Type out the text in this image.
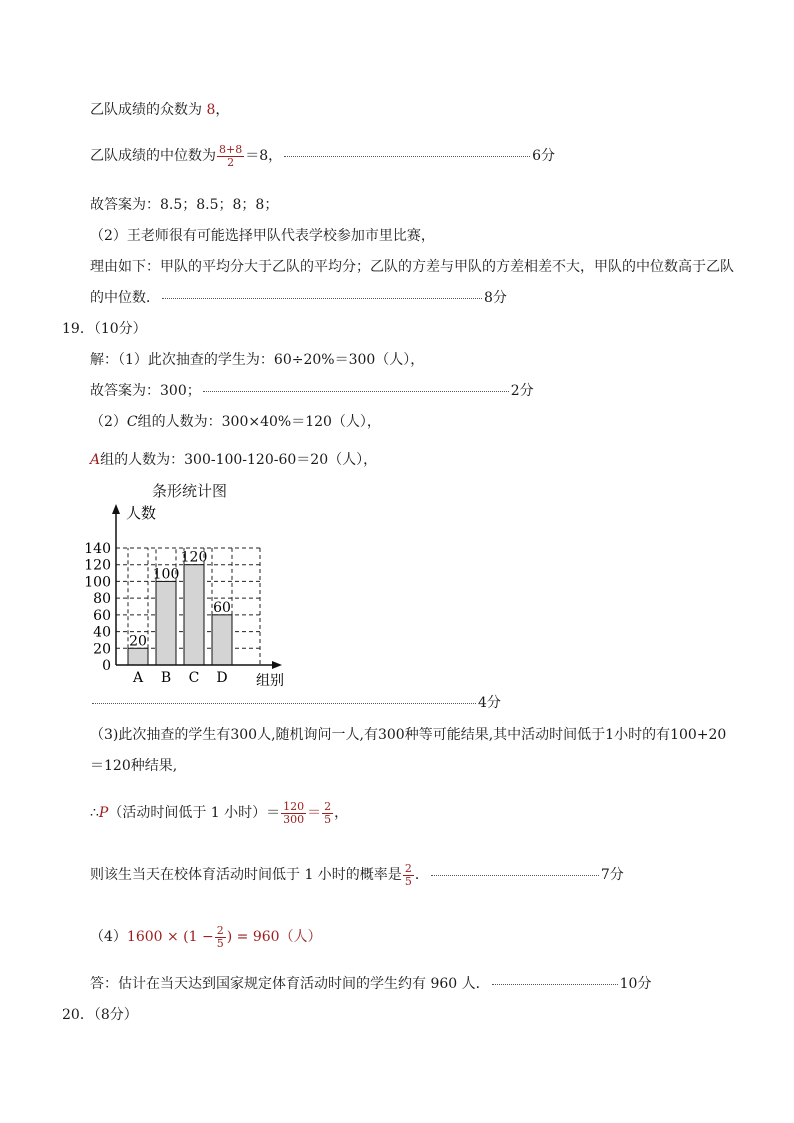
乙队成绩的众数为 8，
乙队成绩的中位数为 $\frac{8+8}{2} =8$，	6分
故答案为：8.5；8.5；8；8；
（2）王老师很有可能选择甲队代表学校参加市里比赛，
理由如下：甲队的平均分大于乙队的平均分；乙队的方差与甲队的方差相差不大，甲队的中位数高于乙队
的中位数．	8分
19．（10分）
解：（1）此次抽查的学生为：60÷20%＝300（人），
故答案为：300；	2分
（2）C组的人数为：300×40%＝120（人），
A组的人数为：300-100-120-60＝20（人），
条形统计图
0
20
40
60
80
100
120
140
20
A
100
B
120
C
60
D
人数
组别
4分
（3)此次抽查的学生有300人,随机询问一人,有300种等可能结果,其中活动时间低于1小时的有100+20
＝120种结果,
∴P（活动时间低于 1 小时）＝ $\frac{120}{300} = \frac{2}{5}$ ，
则该生当天在校体育活动时间低于 1 小时的概率是 $\frac{2}{5}$ ．	7分
$(4)1600 \times (1 - \frac{2}{5}$ ) = 960（人）
答：估计在当天达到国家规定体育活动时间的学生约有 960 人．	10分
20．（8分）
